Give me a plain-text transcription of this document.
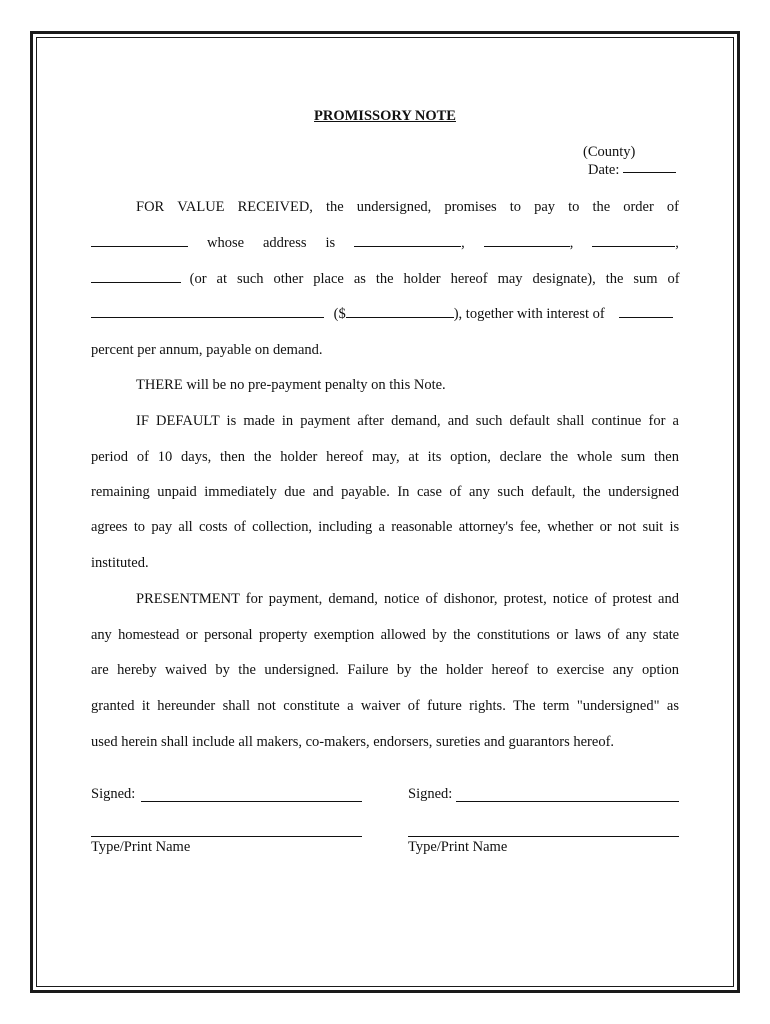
PROMISSORY NOTE
(County)
Date:
FOR VALUE RECEIVED, the undersigned, promises to pay to the order of
whose address is	,	,	,
(or at such other place as the holder hereof may designate), the sum of
($	), together with interest of
percent per annum, payable on demand.
THERE will be no pre-payment penalty on this Note.
IF DEFAULT is made in payment after demand, and such default shall continue for a
period of 10 days, then the holder hereof may, at its option, declare the whole sum then
remaining unpaid immediately due and payable. In case of any such default, the undersigned
agrees to pay all costs of collection, including a reasonable attorney's fee, whether or not suit is
instituted.
PRESENTMENT for payment, demand, notice of dishonor, protest, notice of protest and
any homestead or personal property exemption allowed by the constitutions or laws of any state
are hereby waived by the undersigned. Failure by the holder hereof to exercise any option
granted it hereunder shall not constitute a waiver of future rights. The term "undersigned" as
used herein shall include all makers, co-makers, endorsers, sureties and guarantors hereof.
Signed:	Signed:
Type/Print Name	Type/Print Name
